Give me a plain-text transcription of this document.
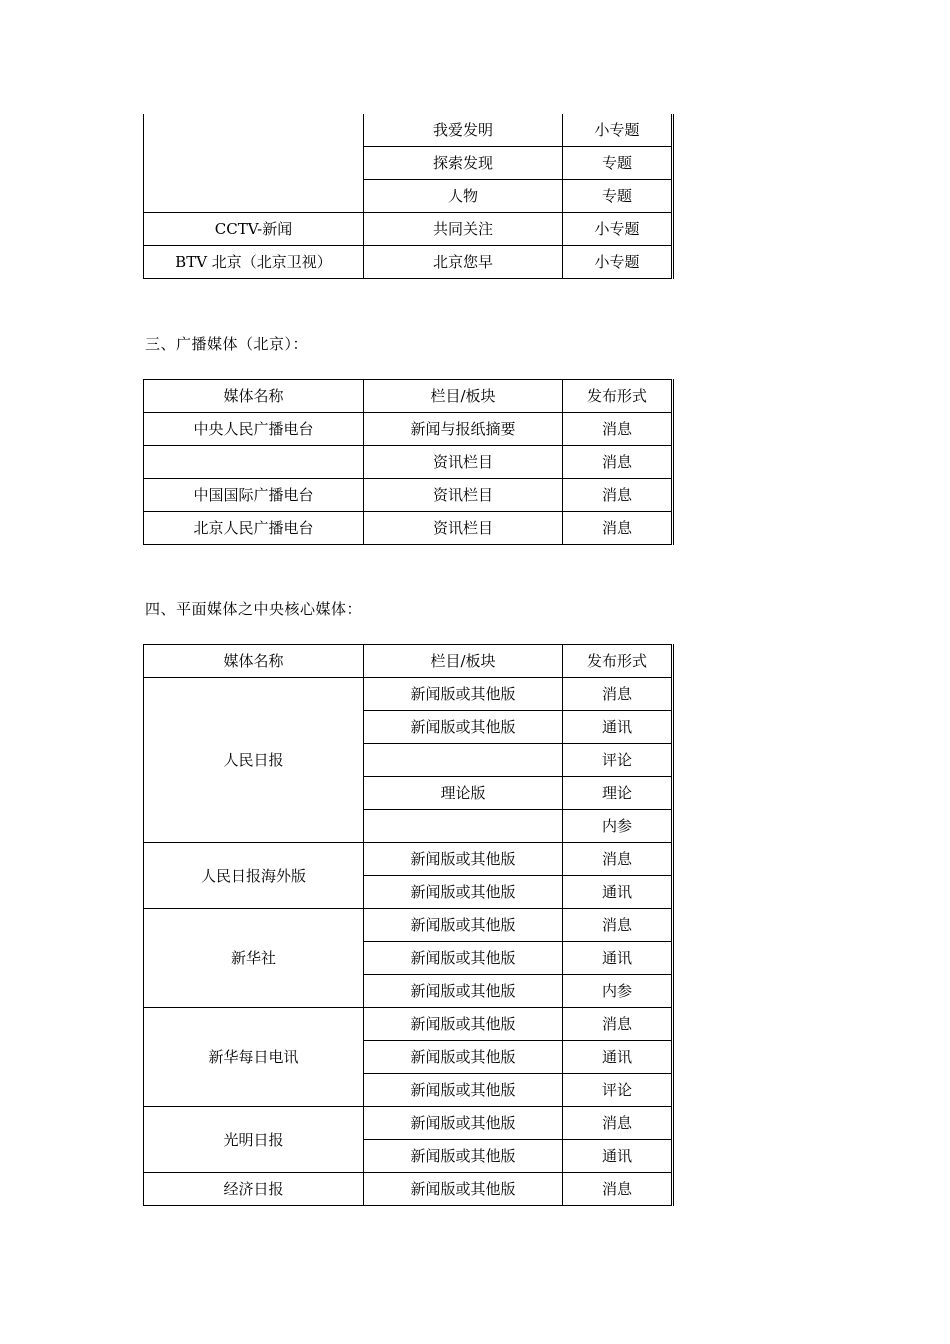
	我爱发明	小专题
	探索发现	专题
	人物	专题
CCTV-新闻	共同关注	小专题
BTV 北京（北京卫视）	北京您早	小专题
三、广播媒体（北京）：
媒体名称	栏目/板块	发布形式
中央人民广播电台	新闻与报纸摘要	消息
	资讯栏目	消息
中国国际广播电台	资讯栏目	消息
北京人民广播电台	资讯栏目	消息
四、平面媒体之中央核心媒体：
媒体名称	栏目/板块	发布形式
人民日报	新闻版或其他版	消息
	新闻版或其他版	通讯
		评论
	理论版	理论
		内参
人民日报海外版	新闻版或其他版	消息
	新闻版或其他版	通讯
新华社	新闻版或其他版	消息
	新闻版或其他版	通讯
	新闻版或其他版	内参
新华每日电讯	新闻版或其他版	消息
	新闻版或其他版	通讯
	新闻版或其他版	评论
光明日报	新闻版或其他版	消息
	新闻版或其他版	通讯
经济日报	新闻版或其他版	消息
